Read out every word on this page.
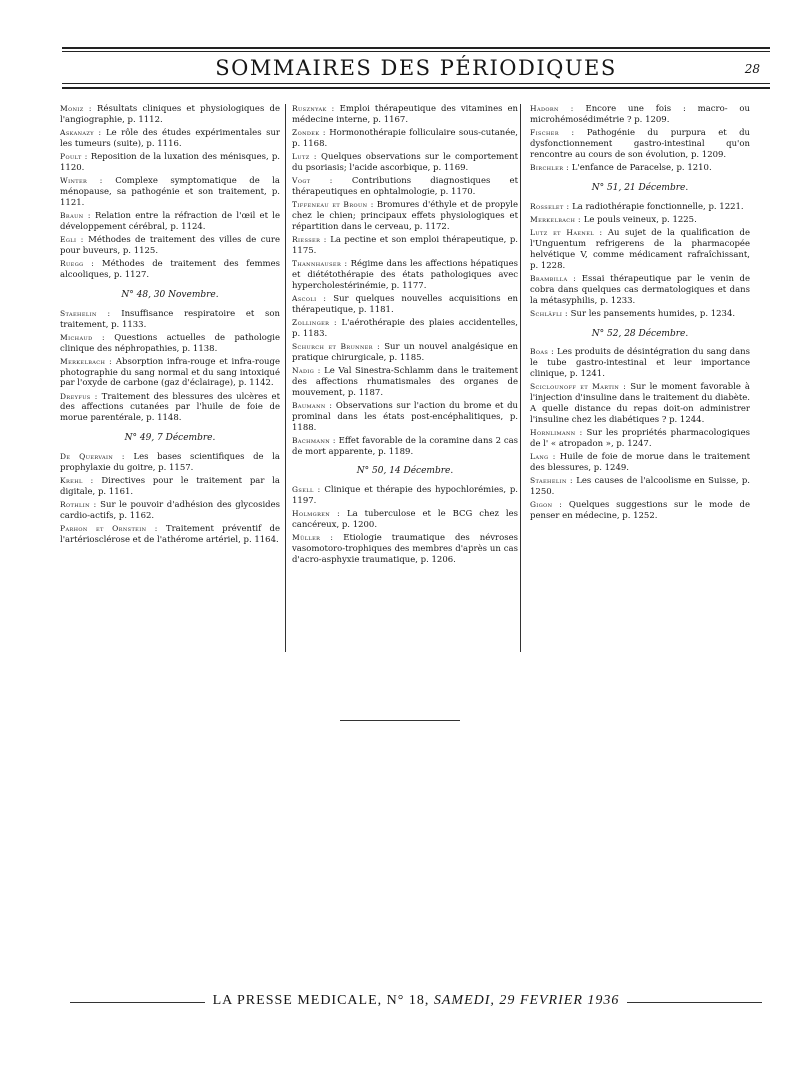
SOMMAIRES DES PÉRIODIQUES	28
Moniz : Résultats cliniques et physiologiques de l'angiographie, p. 1112.
Askanazy : Le rôle des études expérimentales sur les tumeurs (suite), p. 1116.
Poult : Reposition de la luxation des ménisques, p. 1120.
Winter : Complexe symptomatique de la ménopause, sa pathogénie et son traitement, p. 1121.
Braun : Relation entre la réfraction de l'œil et le développement cérébral, p. 1124.
Egli : Méthodes de traitement des villes de cure pour buveurs, p. 1125.
Ruegg : Méthodes de traitement des femmes alcooliques, p. 1127.
N° 48, 30 Novembre.
Staehelin : Insuffisance respiratoire et son traitement, p. 1133.
Michaud : Questions actuelles de pathologie clinique des néphropathies, p. 1138.
Merkelbach : Absorption infra-rouge et infra-rouge photographie du sang normal et du sang intoxiqué par l'oxyde de carbone (gaz d'éclairage), p. 1142.
Dreyfus : Traitement des blessures des ulcères et des affections cutanées par l'huile de foie de morue parentérale, p. 1148.
N° 49, 7 Décembre.
De Quervain : Les bases scientifiques de la prophylaxie du goitre, p. 1157.
Krehl : Directives pour le traitement par la digitale, p. 1161.
Rothlin : Sur le pouvoir d'adhésion des glycosides cardio-actifs, p. 1162.
Parhon et Ornstein : Traitement préventif de l'artériosclérose et de l'athérome artériel, p. 1164.
Rusznyak : Emploi thérapeutique des vitamines en médecine interne, p. 1167.
Zondek : Hormonothérapie folliculaire sous-cutanée, p. 1168.
Lutz : Quelques observations sur le comportement du psoriasis; l'acide ascorbique, p. 1169.
Vogt : Contributions diagnostiques et thérapeutiques en ophtalmologie, p. 1170.
Tiffeneau et Broun : Bromures d'éthyle et de propyle chez le chien; principaux effets physiologiques et répartition dans le cerveau, p. 1172.
Riesser : La pectine et son emploi thérapeutique, p. 1175.
Thannhauser : Régime dans les affections hépatiques et diététothérapie des états pathologiques avec hypercholestérinémie, p. 1177.
Ascoli : Sur quelques nouvelles acquisitions en thérapeutique, p. 1181.
Zollinger : L'aérothérapie des plaies accidentelles, p. 1183.
Schurch et Brunner : Sur un nouvel analgésique en pratique chirurgicale, p. 1185.
Nadig : Le Val Sinestra-Schlamm dans le traitement des affections rhumatismales des organes de mouvement, p. 1187.
Baumann : Observations sur l'action du brome et du prominal dans les états post-encéphalitiques, p. 1188.
Bachmann : Effet favorable de la coramine dans 2 cas de mort apparente, p. 1189.
N° 50, 14 Décembre.
Gsell : Clinique et thérapie des hypochlorémies, p. 1197.
Holmgren : La tuberculose et le BCG chez les cancéreux, p. 1200.
Müller : Etiologie traumatique des névroses vasomotoro-trophiques des membres d'après un cas d'acro-asphyxie traumatique, p. 1206.
Hadorn : Encore une fois : macro- ou microhémosédimétrie ? p. 1209.
Fischer : Pathogénie du purpura et du dysfonctionnement gastro-intestinal qu'on rencontre au cours de son évolution, p. 1209.
Birchler : L'enfance de Paracelse, p. 1210.
N° 51, 21 Décembre.
Rosselet : La radiothérapie fonctionnelle, p. 1221.
Merkelbach : Le pouls veineux, p. 1225.
Lutz et Haenel : Au sujet de la qualification de l'Unguentum refrigerens de la pharmacopée helvétique V, comme médicament rafraîchissant, p. 1228.
Brambilla : Essai thérapeutique par le venin de cobra dans quelques cas dermatologiques et dans la métasyphilis, p. 1233.
Schläfli : Sur les pansements humides, p. 1234.
N° 52, 28 Décembre.
Boas : Les produits de désintégration du sang dans le tube gastro-intestinal et leur importance clinique, p. 1241.
Sciclounoff et Martin : Sur le moment favorable à l'injection d'insuline dans le traitement du diabète. A quelle distance du repas doit-on administrer l'insuline chez les diabétiques ? p. 1244.
Hornlimann : Sur les propriétés pharmacologiques de l' « atropadon », p. 1247.
Lang : Huile de foie de morue dans le traitement des blessures, p. 1249.
Staehelin : Les causes de l'alcoolisme en Suisse, p. 1250.
Gigon : Quelques suggestions sur le mode de penser en médecine, p. 1252.
LA PRESSE MEDICALE, N° 18, SAMEDI, 29 FEVRIER 1936
